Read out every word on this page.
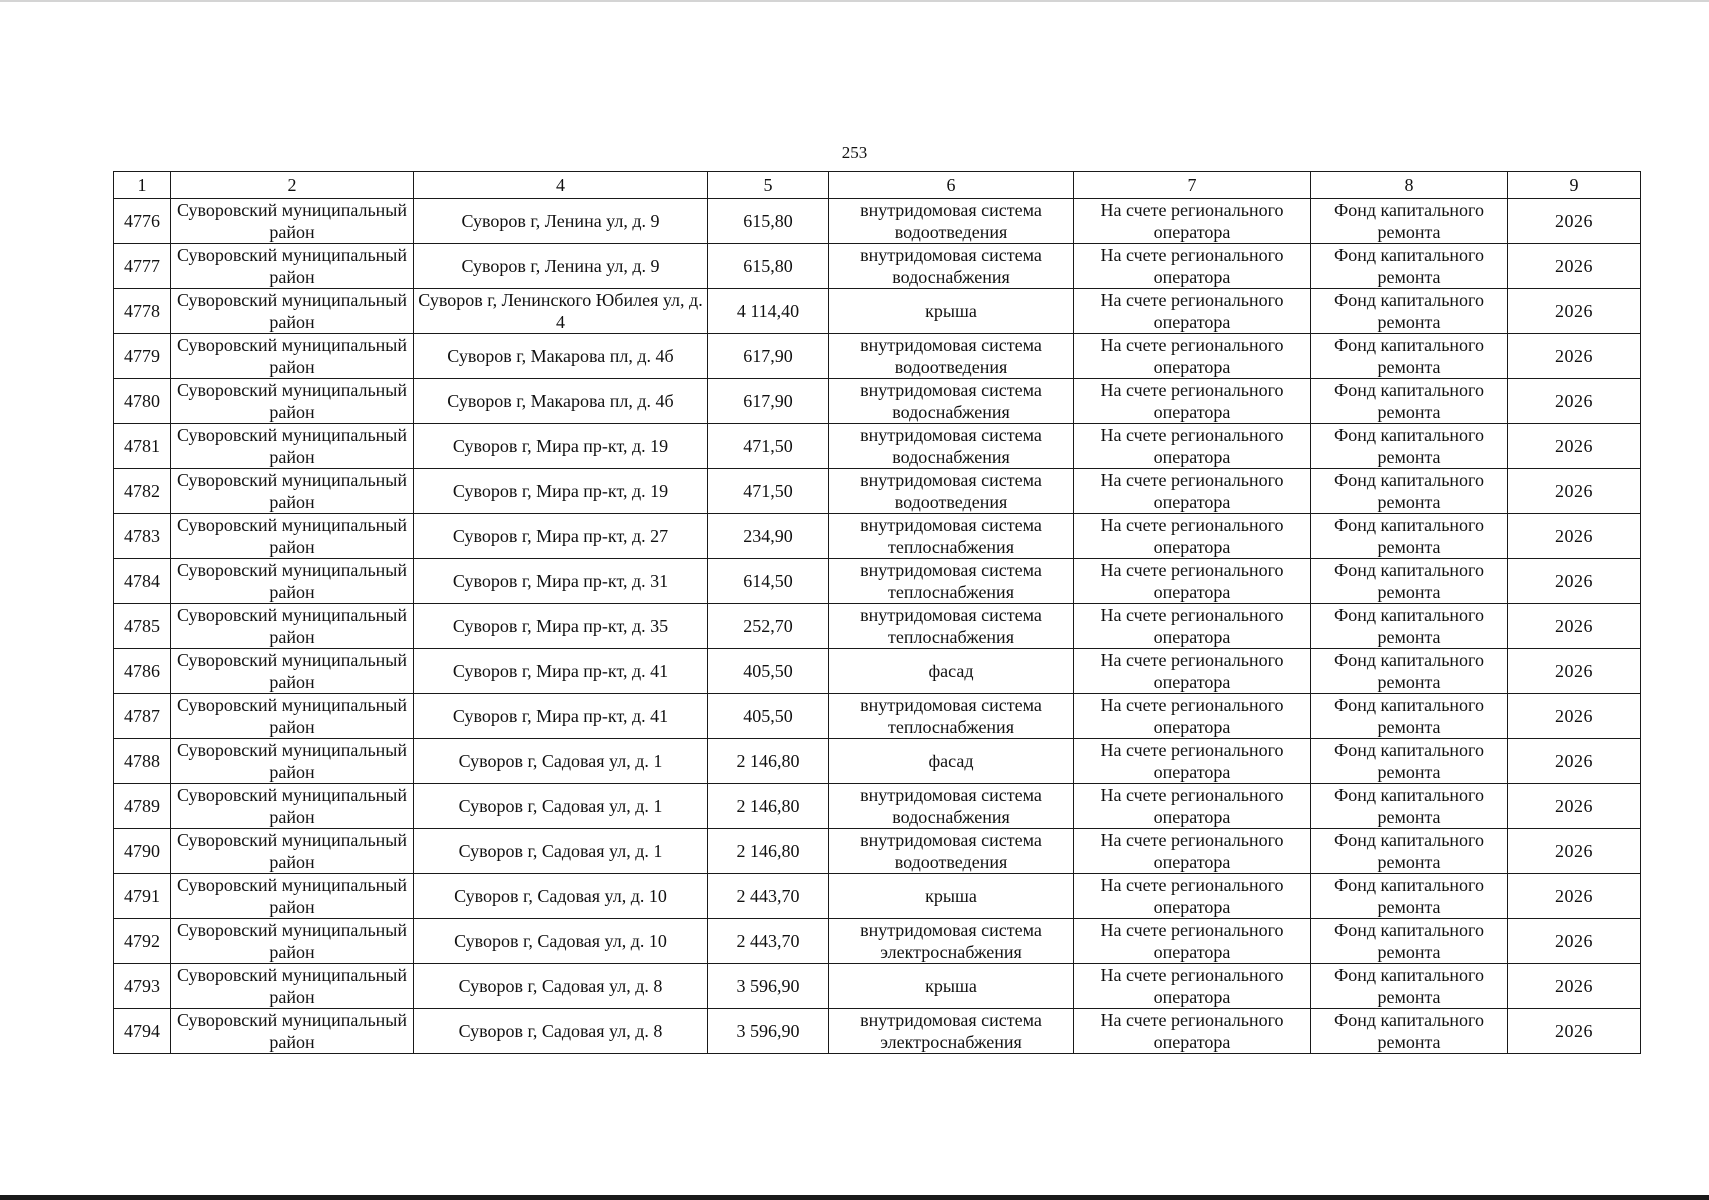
253
1	2	4	5	6	7	8	9
4776	Суворовский муниципальный район	Суворов г, Ленина ул, д. 9	615,80	внутридомовая система водоотведения	На счете регионального оператора	Фонд капитального ремонта	2026
4777	Суворовский муниципальный район	Суворов г, Ленина ул, д. 9	615,80	внутридомовая система водоснабжения	На счете регионального оператора	Фонд капитального ремонта	2026
4778	Суворовский муниципальный район	Суворов г, Ленинского Юбилея ул, д. 4	4 114,40	крыша	На счете регионального оператора	Фонд капитального ремонта	2026
4779	Суворовский муниципальный район	Суворов г, Макарова пл, д. 4б	617,90	внутридомовая система водоотведения	На счете регионального оператора	Фонд капитального ремонта	2026
4780	Суворовский муниципальный район	Суворов г, Макарова пл, д. 4б	617,90	внутридомовая система водоснабжения	На счете регионального оператора	Фонд капитального ремонта	2026
4781	Суворовский муниципальный район	Суворов г, Мира пр-кт, д. 19	471,50	внутридомовая система водоснабжения	На счете регионального оператора	Фонд капитального ремонта	2026
4782	Суворовский муниципальный район	Суворов г, Мира пр-кт, д. 19	471,50	внутридомовая система водоотведения	На счете регионального оператора	Фонд капитального ремонта	2026
4783	Суворовский муниципальный район	Суворов г, Мира пр-кт, д. 27	234,90	внутридомовая система теплоснабжения	На счете регионального оператора	Фонд капитального ремонта	2026
4784	Суворовский муниципальный район	Суворов г, Мира пр-кт, д. 31	614,50	внутридомовая система теплоснабжения	На счете регионального оператора	Фонд капитального ремонта	2026
4785	Суворовский муниципальный район	Суворов г, Мира пр-кт, д. 35	252,70	внутридомовая система теплоснабжения	На счете регионального оператора	Фонд капитального ремонта	2026
4786	Суворовский муниципальный район	Суворов г, Мира пр-кт, д. 41	405,50	фасад	На счете регионального оператора	Фонд капитального ремонта	2026
4787	Суворовский муниципальный район	Суворов г, Мира пр-кт, д. 41	405,50	внутридомовая система теплоснабжения	На счете регионального оператора	Фонд капитального ремонта	2026
4788	Суворовский муниципальный район	Суворов г, Садовая ул, д. 1	2 146,80	фасад	На счете регионального оператора	Фонд капитального ремонта	2026
4789	Суворовский муниципальный район	Суворов г, Садовая ул, д. 1	2 146,80	внутридомовая система водоснабжения	На счете регионального оператора	Фонд капитального ремонта	2026
4790	Суворовский муниципальный район	Суворов г, Садовая ул, д. 1	2 146,80	внутридомовая система водоотведения	На счете регионального оператора	Фонд капитального ремонта	2026
4791	Суворовский муниципальный район	Суворов г, Садовая ул, д. 10	2 443,70	крыша	На счете регионального оператора	Фонд капитального ремонта	2026
4792	Суворовский муниципальный район	Суворов г, Садовая ул, д. 10	2 443,70	внутридомовая система электроснабжения	На счете регионального оператора	Фонд капитального ремонта	2026
4793	Суворовский муниципальный район	Суворов г, Садовая ул, д. 8	3 596,90	крыша	На счете регионального оператора	Фонд капитального ремонта	2026
4794	Суворовский муниципальный район	Суворов г, Садовая ул, д. 8	3 596,90	внутридомовая система электроснабжения	На счете регионального оператора	Фонд капитального ремонта	2026
